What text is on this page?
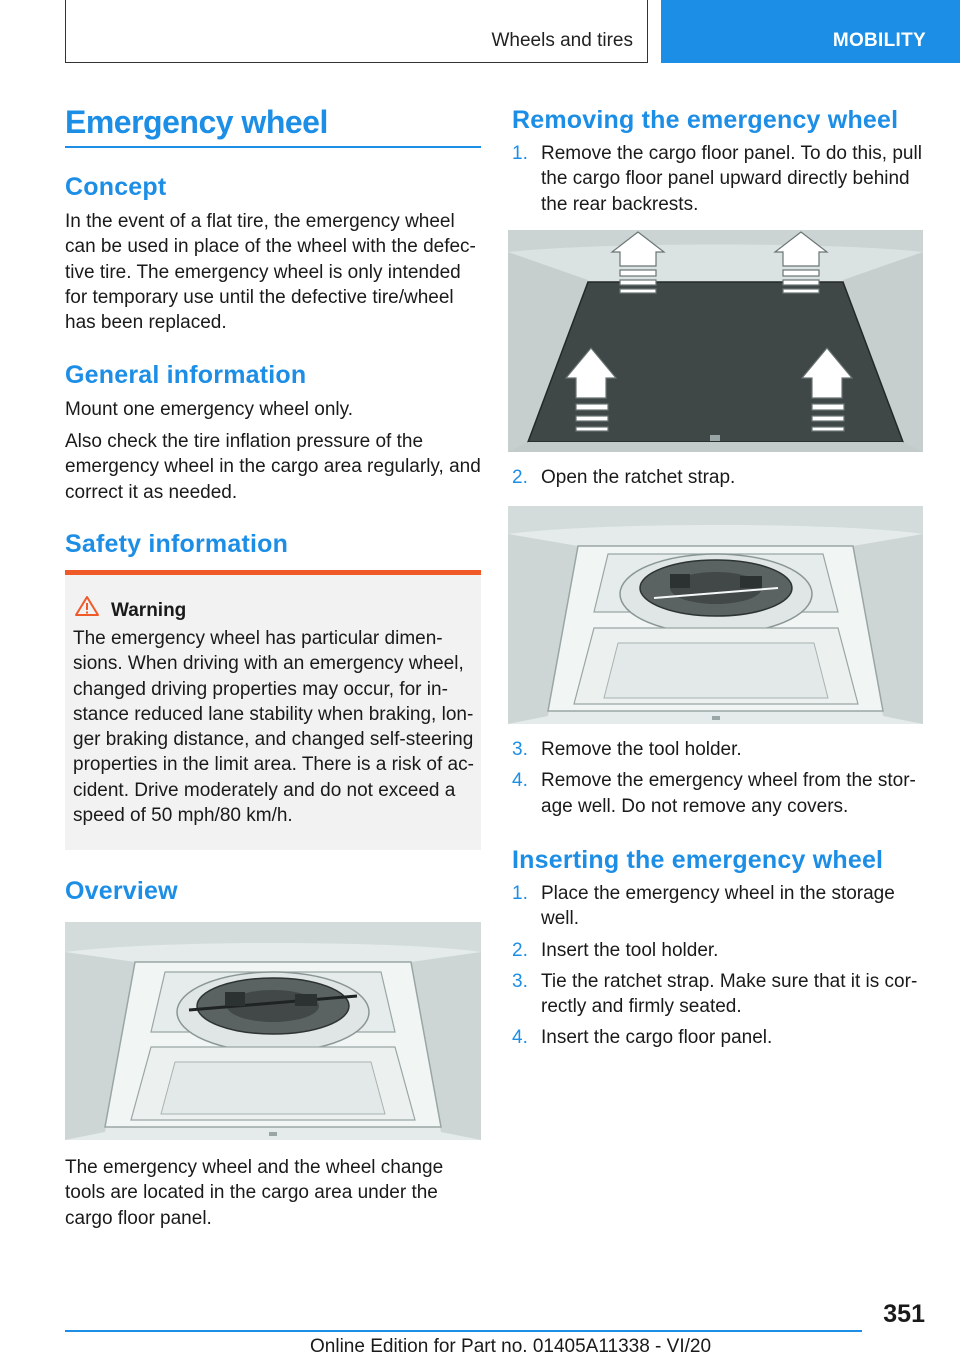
Wheels and tires	MOBILITY
Emergency wheel
Concept
In the event of a flat tire, the emergency wheel
can be used in place of the wheel with the defec-
tive tire. The emergency wheel is only intended
for temporary use until the defective tire/wheel
has been replaced.
General information
Mount one emergency wheel only.
Also check the tire inflation pressure of the
emergency wheel in the cargo area regularly, and
correct it as needed.
Safety information
Warning
The emergency wheel has particular dimen-
sions. When driving with an emergency wheel,
changed driving properties may occur, for in-
stance reduced lane stability when braking, lon-
ger braking distance, and changed self-steering
properties in the limit area. There is a risk of ac-
cident. Drive moderately and do not exceed a
speed of 50 mph/80 km/h.
Overview
The emergency wheel and the wheel change
tools are located in the cargo area under the
cargo floor panel.
Removing the emergency wheel
1. Remove the cargo floor panel. To do this, pull
the cargo floor panel upward directly behind
the rear backrests.
2. Open the ratchet strap.
3. Remove the tool holder.
4. Remove the emergency wheel from the stor-
age well. Do not remove any covers.
Inserting the emergency wheel
1. Place the emergency wheel in the storage
well.
2. Insert the tool holder.
3. Tie the ratchet strap. Make sure that it is cor-
rectly and firmly seated.
4. Insert the cargo floor panel.
351
Online Edition for Part no. 01405A11338 - VI/20
